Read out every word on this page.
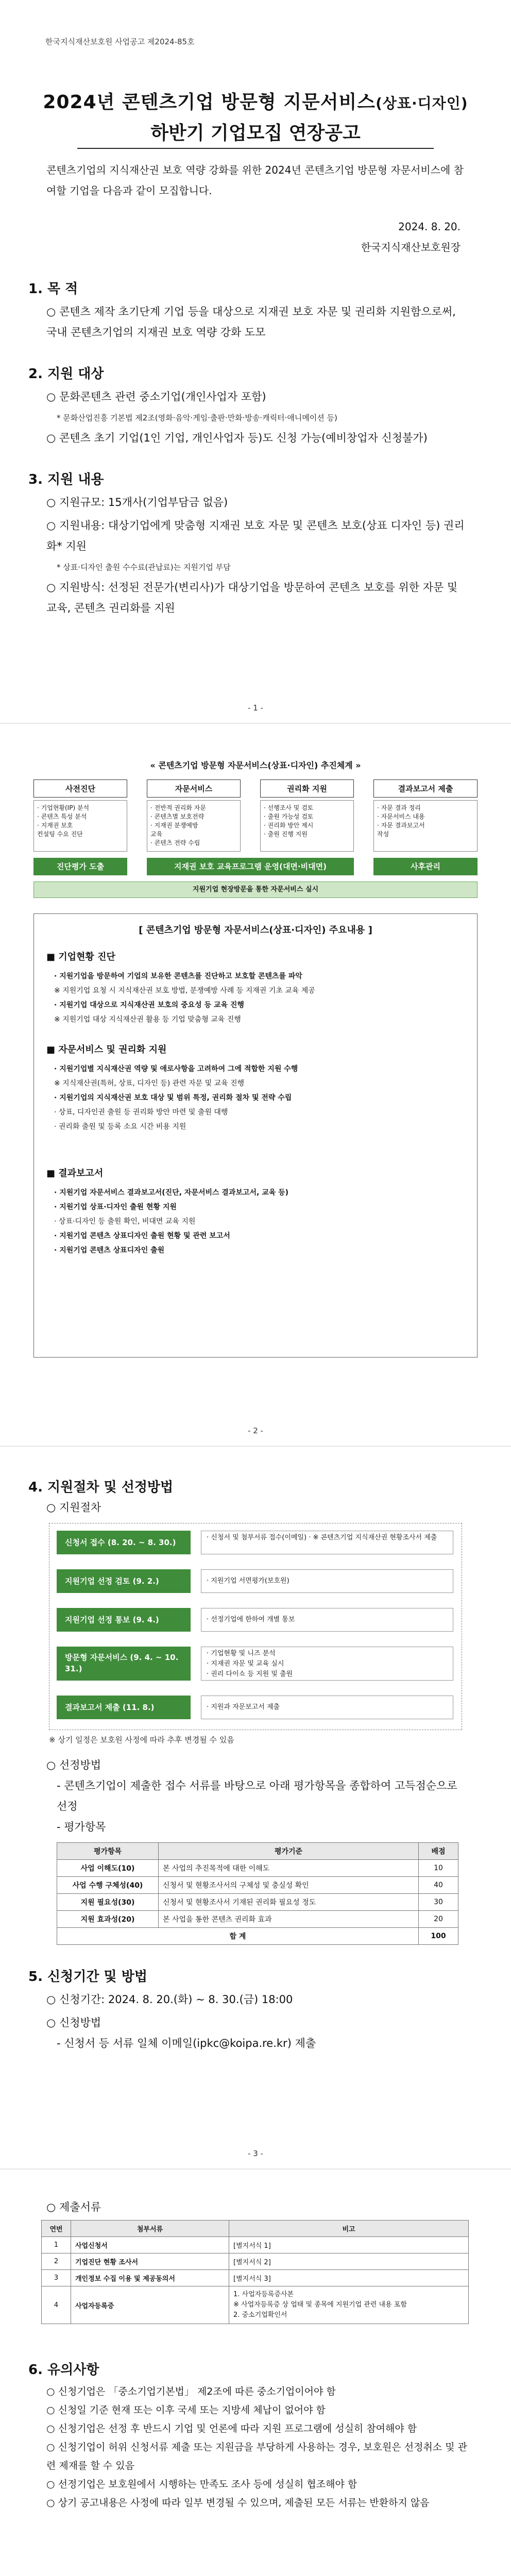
한국지식재산보호원 사업공고 제2024-85호
2024년 콘텐츠기업 방문형 지문서비스(상표·디자인)
하반기 기업모집 연장공고
콘텐츠기업의 지식재산권 보호 역량 강화를 위한 2024년 콘텐츠기업 방문형 자문서비스에 참여할 기업을 다음과 같이 모집합니다.
2024. 8. 20.
한국지식재산보호원장
1. 목 적
○ 콘텐츠 제작 초기단계 기업 등을 대상으로 지재권 보호 자문 및 권리화 지원함으로써, 국내 콘텐츠기업의 지재권 보호 역량 강화 도모
2. 지원 대상
○ 문화콘텐츠 관련 중소기업(개인사업자 포함)
* 문화산업진흥 기본법 제2조(영화·음악·게임·출판·만화·방송·캐릭터·애니메이션 등)
○ 콘텐츠 초기 기업(1인 기업, 개인사업자 등)도 신청 가능(예비창업자 신청불가)
3. 지원 내용
○ 지원규모: 15개사(기업부담금 없음)
○ 지원내용: 대상기업에게 맞춤형 지재권 보호 자문 및 콘텐츠 보호(상표 디자인 등) 권리화* 지원
* 상표·디자인 출원 수수료(관납료)는 지원기업 부담
○ 지원방식: 선정된 전문가(변리사)가 대상기업을 방문하여 콘텐츠 보호를 위한 자문 및 교육, 콘텐츠 권리화를 지원
- 1 -
« 콘텐츠기업 방문형 자문서비스(상표·디자인) 추진체계 »
사전진단	자문서비스	권리화 지원	결과보고서 제출
· 기업현황(IP) 분석
· 콘텐츠 특성 분석
· 지재권 보호
컨설팅 수요 진단
· 전반적 권리화 자문
· 콘텐츠별 보호전략
· 지재권 분쟁예방
교육
· 콘텐츠 전략 수립
· 선행조사 및 검토
· 출원 가능성 검토
· 권리화 방안 제시
· 출원 진행 지원
· 자문 결과 정리
· 자문서비스 내용
· 자문 결과보고서
작성
진단평가 도출	지재권 보호 교육프로그램 운영(대면·비대면)	사후관리
지원기업 현장방문을 통한 자문서비스 실시
[ 콘텐츠기업 방문형 자문서비스(상표·디자인) 주요내용 ]
■ 기업현황 진단
· 지원기업을 방문하여 기업의 보유한 콘텐츠를 진단하고 보호할 콘텐츠를 파악
※ 지원기업 요청 시 지식재산권 보호 방법, 분쟁예방 사례 등 지재권 기초 교육 제공
· 지원기업 대상으로 지식재산권 보호의 중요성 등 교육 진행
※ 지원기업 대상 지식재산권 활용 등 기업 맞춤형 교육 진행
■ 자문서비스 및 권리화 지원
· 지원기업별 지식재산권 역량 및 애로사항을 고려하여 그에 적합한 지원 수행
※ 지식재산권(특허, 상표, 디자인 등) 관련 자문 및 교육 진행
· 지원기업의 지식재산권 보호 대상 및 범위 특정, 권리화 절차 및 전략 수립
· 상표, 디자인권 출원 등 권리화 방안 마련 및 출원 대행
· 권리화 출원 및 등록 소요 시간 비용 지원
■ 결과보고서
· 지원기업 자문서비스 결과보고서(진단, 자문서비스 결과보고서, 교육 등)
· 지원기업 상표·디자인 출원 현황 지원
· 상표·디자인 등 출원 확인, 비대면 교육 지원
· 지원기업 콘텐츠 상표디자인 출원 현황 및 관련 보고서
· 지원기업 콘텐츠 상표디자인 출원
- 2 -
4. 지원절차 및 선정방법
○ 지원절차
신청서 접수 (8. 20. ~ 8. 30.)
· 신청서 및 첨부서류 접수(이메일) · ※ 콘텐츠기업 지식재산권 현황조사서 제출
지원기업 선정 검토 (9. 2.)	· 지원기업 서면평가(보호원)
지원기업 선정 통보 (9. 4.)	· 선정기업에 한하여 개별 통보
방문형 자문서비스 (9. 4. ~ 10. 31.)
· 기업현황 및 니즈 분석
· 지재권 자문 및 교육 실시
· 권리 다이쇼 등 지원 및 출원
결과보고서 제출 (11. 8.)	· 지원과 자문보고서 제출
※ 상기 일정은 보호원 사정에 따라 추후 변경될 수 있음
○ 선정방법
- 콘텐츠기업이 제출한 접수 서류를 바탕으로 아래 평가항목을 종합하여 고득점순으로 선정
- 평가항목
평가항목	평가기준	배점
사업 이해도(10)	본 사업의 추진목적에 대한 이해도	10
사업 수행 구체성(40)	신청서 및 현황조사서의 구체성 및 충실성 확인	40
지원 필요성(30)	신청서 및 현황조사서 기재된 권리화 필요성 정도	30
지원 효과성(20)	본 사업을 통한 콘텐츠 권리화 효과	20
합 계		100
5. 신청기간 및 방법
○ 신청기간: 2024. 8. 20.(화) ~ 8. 30.(금) 18:00
○ 신청방법
- 신청서 등 서류 일체 이메일(ipkc@koipa.re.kr) 제출
- 3 -
○ 제출서류
연번	첨부서류	비고
1	사업신청서	[별지서식 1]
2	기업진단 현황 조사서	[별지서식 2]
3	개인정보 수집 이용 및 제공동의서	[별지서식 3]
4	사업자등록증	1. 사업자등록증사본
※ 사업자등록증 상 업태 및 종목에 지원기업 관련 내용 포함
2. 중소기업확인서
6. 유의사항
○ 신청기업은 「중소기업기본법」 제2조에 따른 중소기업이어야 함
○ 신청일 기준 현재 또는 이후 국세 또는 지방세 체납이 없어야 함
○ 신청기업은 선정 후 반드시 기업 및 언론에 따라 지원 프로그램에 성실히 참여해야 함
○ 신청기업이 허위 신청서류 제출 또는 지원금을 부당하게 사용하는 경우, 보호원은 선정취소 및 관련 제재를 할 수 있음
○ 선정기업은 보호원에서 시행하는 만족도 조사 등에 성실히 협조해야 함
○ 상기 공고내용은 사정에 따라 일부 변경될 수 있으며, 제출된 모든 서류는 반환하지 않음
